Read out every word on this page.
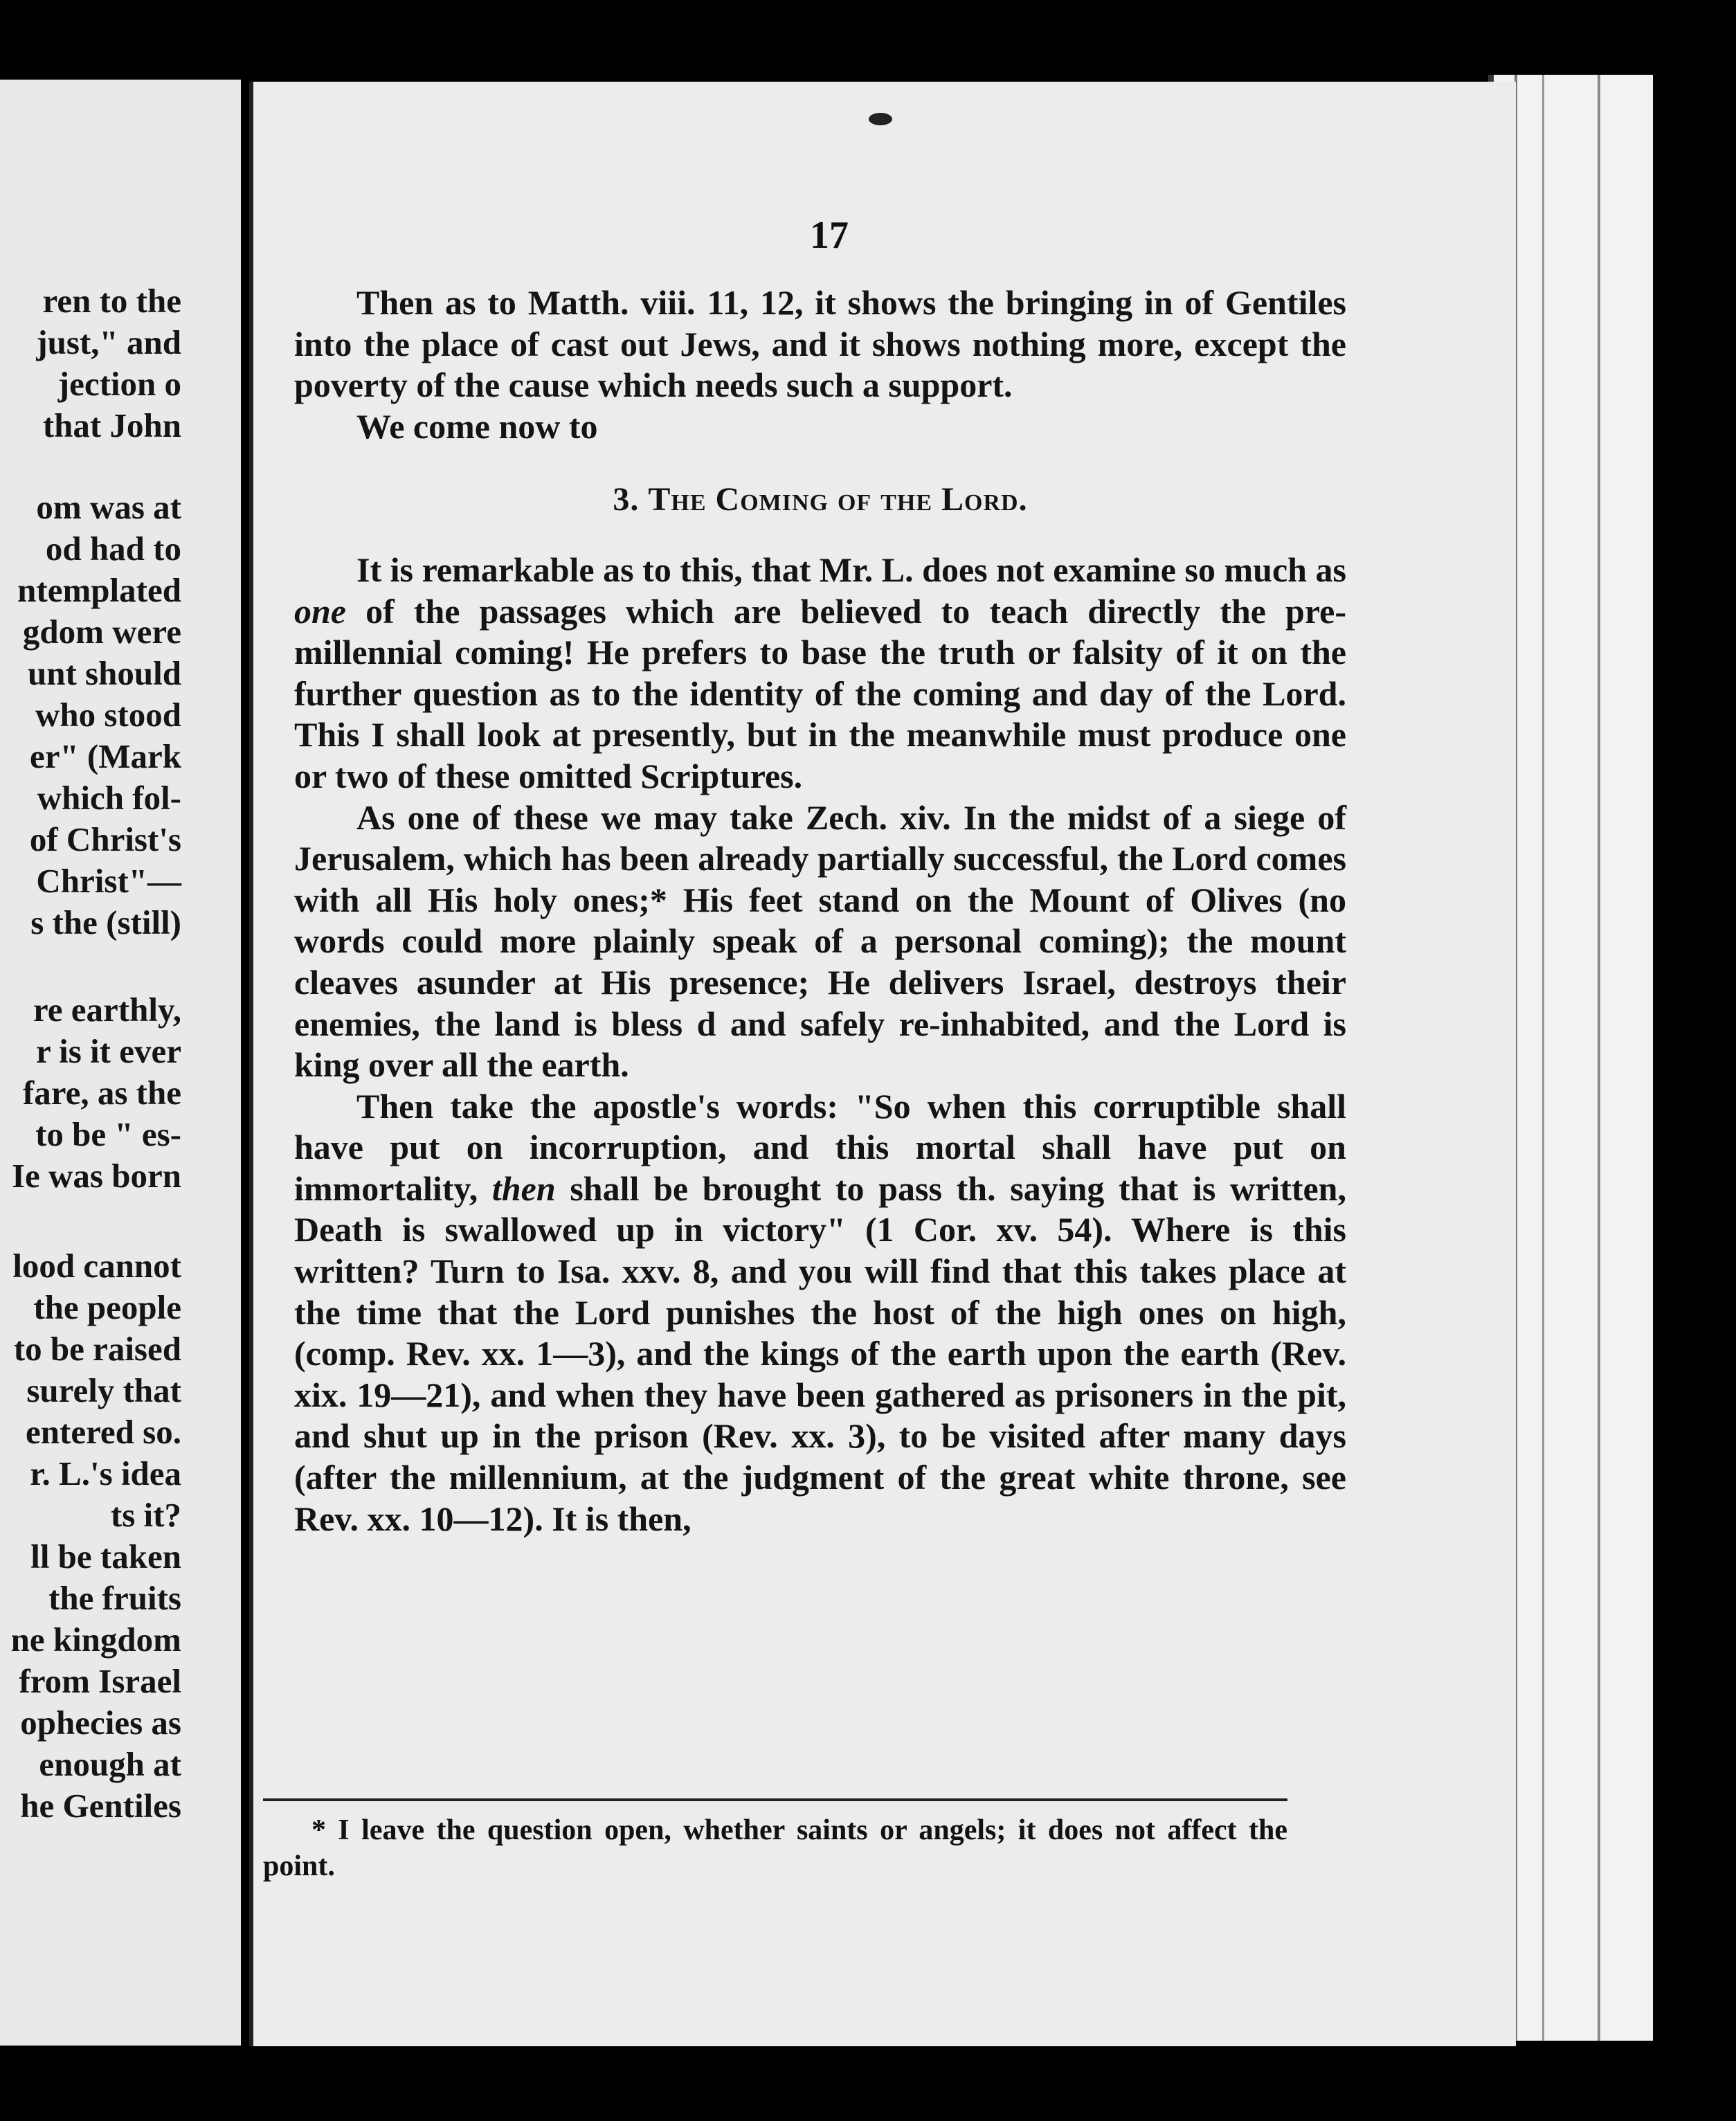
ren to the
just," and
jection o
that John
om was at
od had to
ntemplated
gdom were
unt should
who stood
er" (Mark
which fol-
of Christ's
Christ"—
s the (still)
re earthly,
r is it ever
fare, as the
to be " es-
Ie was born
lood cannot
the people
to be raised
surely that
entered so.
r. L.'s idea
ts it?
ll be taken
the fruits
ne kingdom
from Israel
ophecies as
enough at
he Gentiles
17

Then as to Matth. viii. 11, 12, it shows the bringing in of Gentiles into the place of cast out Jews, and it shows nothing more, except the poverty of the cause which needs such a support.

We come now to

3. The Coming of the Lord.

It is remarkable as to this, that Mr. L. does not examine so much as one of the passages which are believed to teach directly the pre-millennial coming! He prefers to base the truth or falsity of it on the further question as to the identity of the coming and day of the Lord. This I shall look at presently, but in the meanwhile must produce one or two of these omitted Scriptures.

As one of these we may take Zech. xiv. In the midst of a siege of Jerusalem, which has been already partially successful, the Lord comes with all His holy ones;* His feet stand on the Mount of Olives (no words could more plainly speak of a personal coming); the mount cleaves asunder at His presence; He delivers Israel, destroys their enemies, the land is bless d and safely re-inhabited, and the Lord is king over all the earth.

Then take the apostle's words: "So when this corruptible shall have put on incorruption, and this mortal shall have put on immortality, then shall be brought to pass th. saying that is written, Death is swallowed up in victory" (1 Cor. xv. 54). Where is this written? Turn to Isa. xxv. 8, and you will find that this takes place at the time that the Lord punishes the host of the high ones on high, (comp. Rev. xx. 1—3), and the kings of the earth upon the earth (Rev. xix. 19—21), and when they have been gathered as prisoners in the pit, and shut up in the prison (Rev. xx. 3), to be visited after many days (after the millennium, at the judgment of the great white throne, see Rev. xx. 10—12). It is then,

* I leave the question open, whether saints or angels; it does not affect the point.
